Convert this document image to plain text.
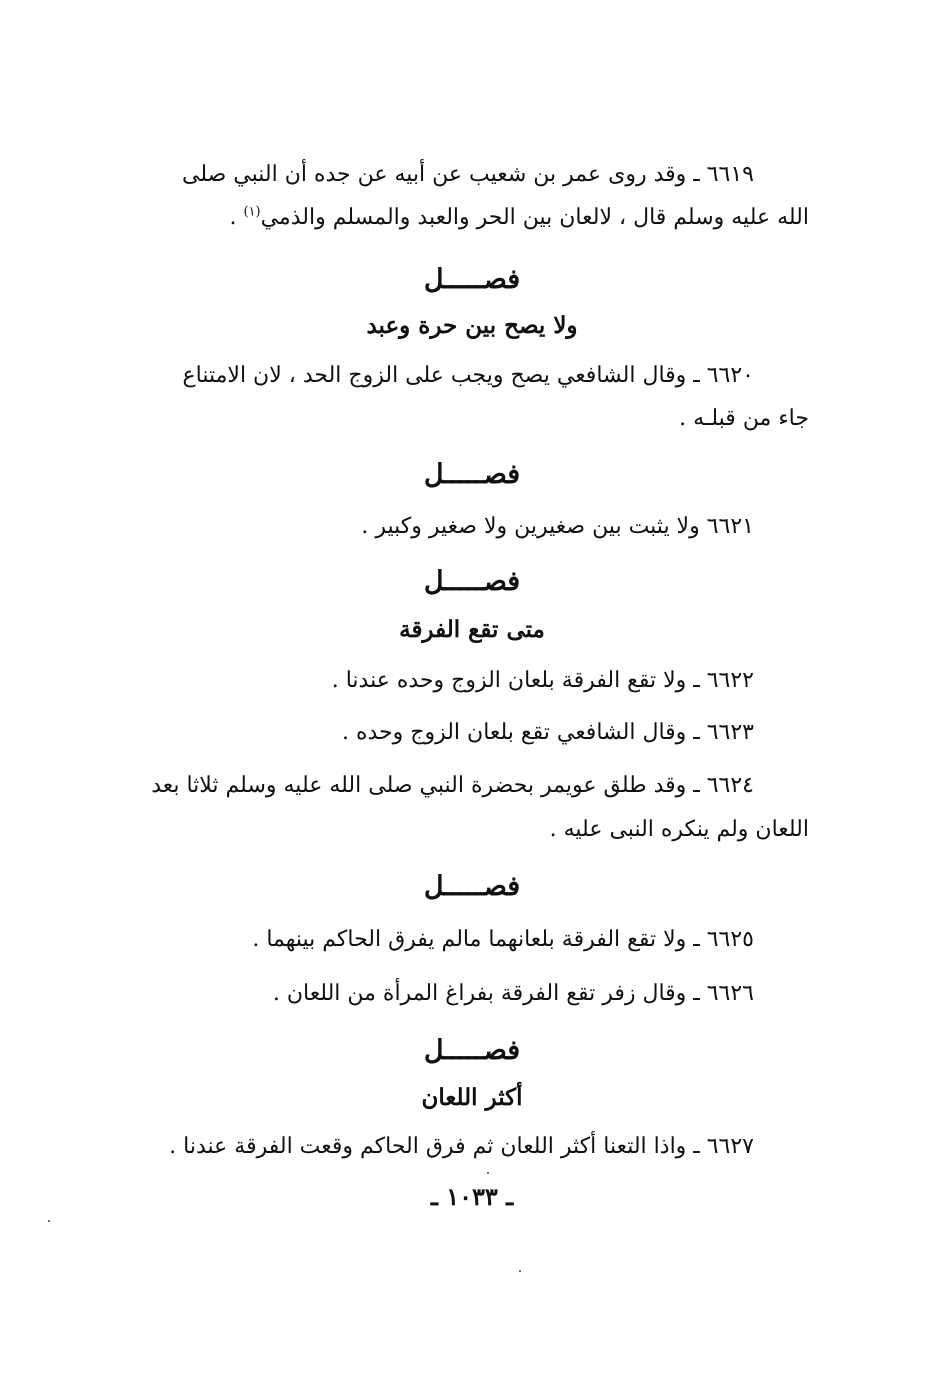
٦٦١٩ ـ وقد روى عمر بن شعيب عن أبيه عن جده أن النبي صلى
الله عليه وسلم قال ، لالعان بين الحر والعبد والمسلم والذمي$^{(١)}$ .
فصـــــل
ولا يصح بين حرة وعبد
٦٦٢٠ ـ وقال الشافعي يصح ويجب على الزوج الحد ، لان الامتناع
جاء من قبلـه .
فصـــــل
٦٦٢١ ولا يثبت بين صغيرين ولا صغير وكبير .
فصـــــل
متى تقع الفرقة
٦٦٢٢ ـ ولا تقع الفرقة بلعان الزوج وحده عندنا .
٦٦٢٣ ـ وقال الشافعي تقع بلعان الزوج وحده .
٦٦٢٤ ـ وقد طلق عويمر بحضرة النبي صلى الله عليه وسلم ثلاثا بعد
اللعان ولم ينكره النبى عليه .
فصـــــل
٦٦٢٥ ـ ولا تقع الفرقة بلعانهما مالم يفرق الحاكم بينهما .
٦٦٢٦ ـ وقال زفر تقع الفرقة بفراغ المرأة من اللعان .
فصـــــل
أكثر اللعان
٦٦٢٧ ـ واذا التعنا أكثر اللعان ثم فرق الحاكم وقعت الفرقة عندنا .
ـ ١٠٣٣ ـ
